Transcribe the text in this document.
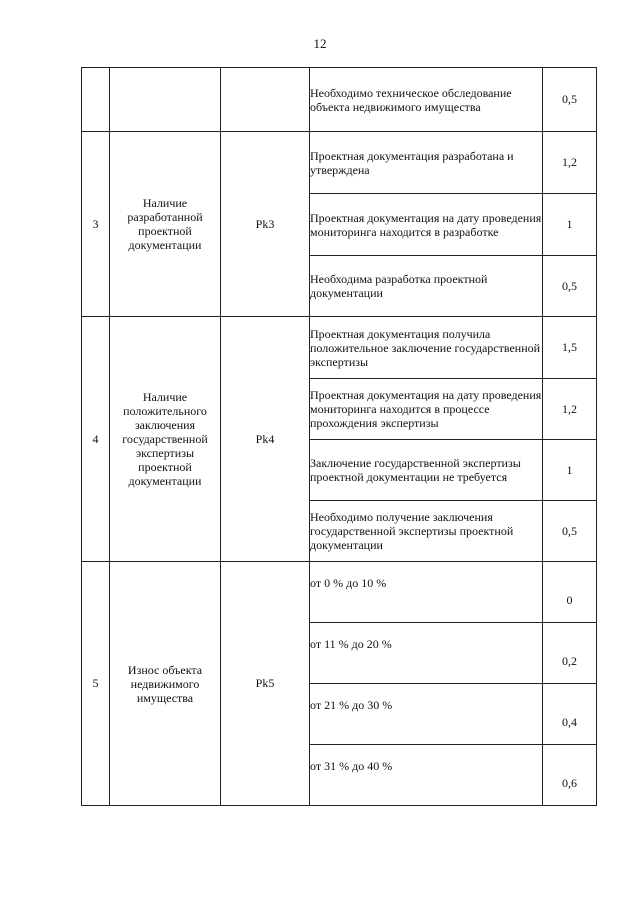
12
			Необходимо техническое обследование объекта недвижимого имущества	0,5
3	Наличие разработанной проектной документации	Pk3	Проектная документация разработана и утверждена	1,2
			Проектная документация на дату проведения мониторинга находится в разработке	1
			Необходима разработка проектной документации	0,5
4	Наличие положительного заключения государственной экспертизы проектной документации	Pk4	Проектная документация получила положительное заключение государственной экспертизы	1,5
			Проектная документация на дату проведения мониторинга находится в процессе прохождения экспертизы	1,2
			Заключение государственной экспертизы проектной документации не требуется	1
			Необходимо получение заключения государственной экспертизы проектной документации	0,5
5	Износ объекта недвижимого имущества	Pk5	от 0 % до 10 %	0
			от 11 % до 20 %	0,2
			от 21 % до 30 %	0,4
			от 31 % до 40 %	0,6
